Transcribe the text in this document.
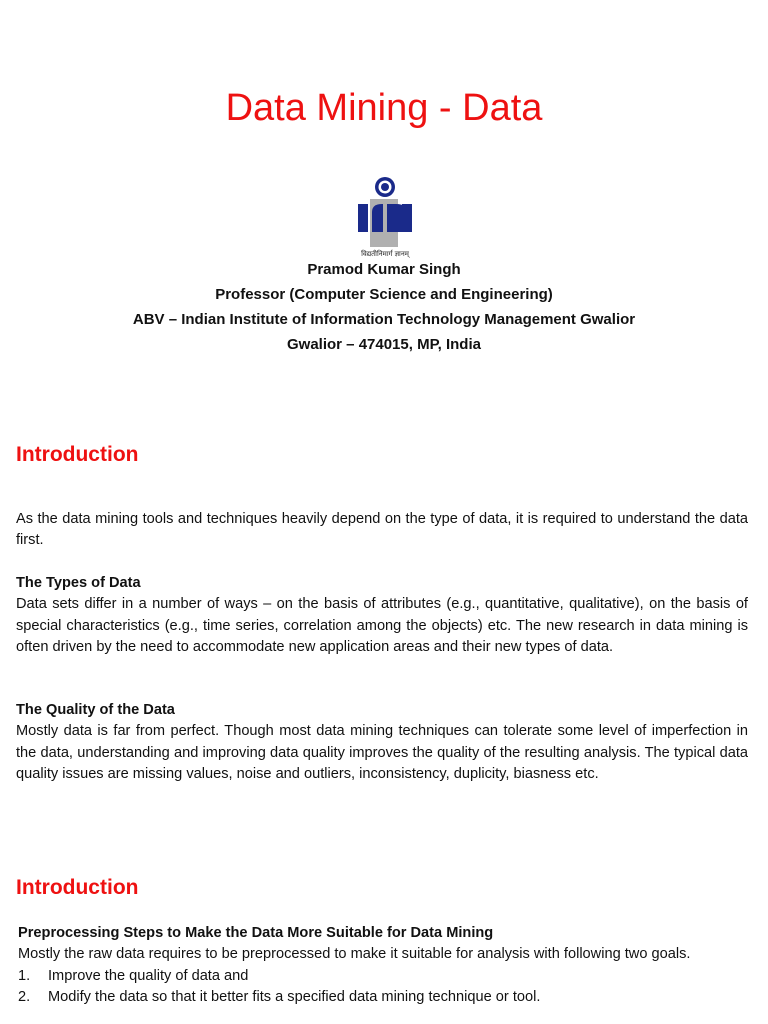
Data Mining - Data
विद्यतीनिमार्ग ज्ञानम्
Pramod Kumar Singh
Professor (Computer Science and Engineering)
ABV – Indian Institute of Information Technology Management Gwalior
Gwalior – 474015, MP, India
Introduction

As the data mining tools and techniques heavily depend on the type of data, it is required to understand the data first.

The Types of Data

Data sets differ in a number of ways – on the basis of attributes (e.g., quantitative, qualitative), on the basis of special characteristics (e.g., time series, correlation among the objects) etc. The new research in data mining is often driven by the need to accommodate new application areas and their new types of data.

The Quality of the Data

Mostly data is far from perfect. Though most data mining techniques can tolerate some level of imperfection in the data, understanding and improving data quality improves the quality of the resulting analysis. The typical data quality issues are missing values, noise and outliers, inconsistency, duplicity, biasness etc.

Introduction

Preprocessing Steps to Make the Data More Suitable for Data Mining

Mostly the raw data requires to be preprocessed to make it suitable for analysis with following two goals.

1. Improve the quality of data and
2. Modify the data so that it better fits a specified data mining technique or tool.
